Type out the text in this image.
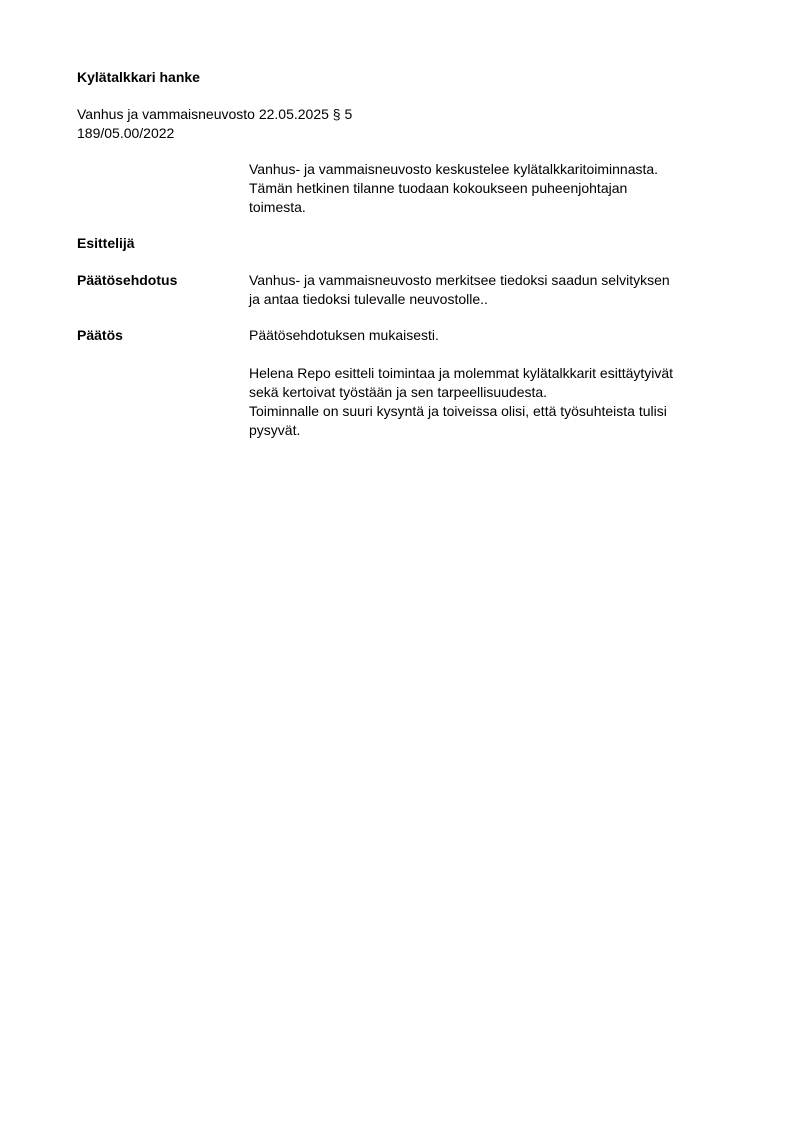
Kylätalkkari hanke

Vanhus ja vammaisneuvosto 22.05.2025 § 5

189/05.00/2022

Vanhus- ja vammaisneuvosto keskustelee kylätalkkaritoiminnasta.
Tämän hetkinen tilanne tuodaan kokoukseen puheenjohtajan
toimesta.

Esittelijä

Päätösehdotus	Vanhus- ja vammaisneuvosto merkitsee tiedoksi saadun selvityksen
ja antaa tiedoksi tulevalle neuvostolle..

Päätös	Päätösehdotuksen mukaisesti.
Helena Repo esitteli toimintaa ja molemmat kylätalkkarit esittäytyivät
sekä kertoivat työstään ja sen tarpeellisuudesta.
Toiminnalle on suuri kysyntä ja toiveissa olisi, että työsuhteista tulisi
pysyvät.
